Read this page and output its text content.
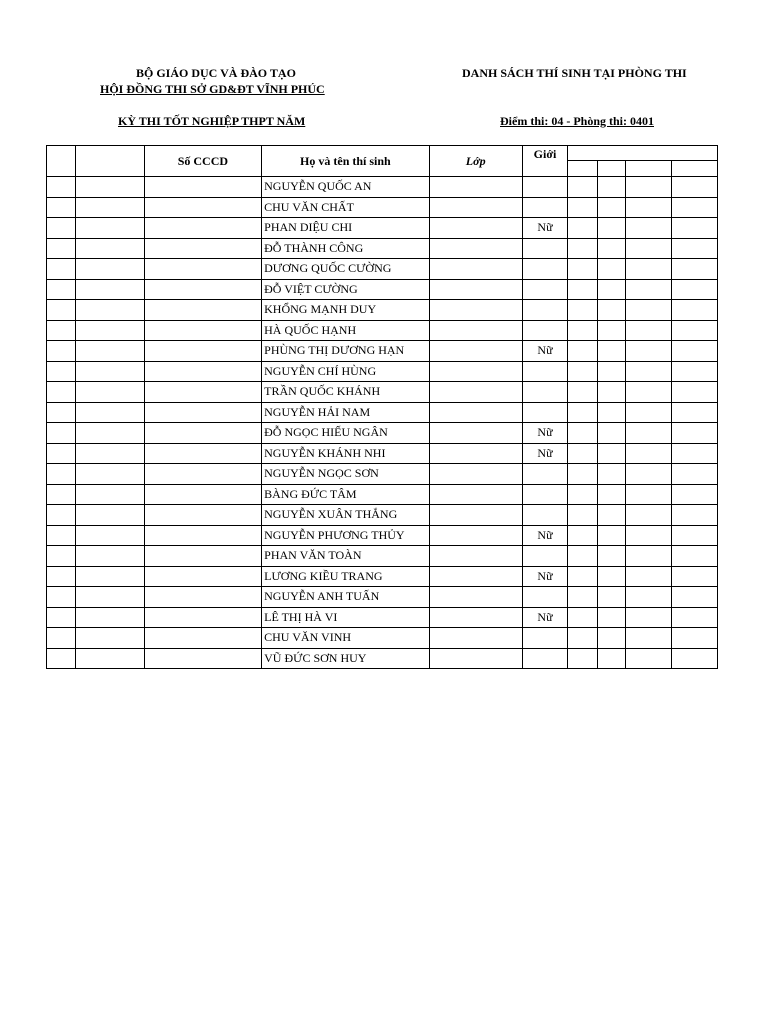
BỘ GIÁO DỤC VÀ ĐÀO TẠO
HỘI ĐỒNG THI SỞ GD&ĐT VĨNH PHÚC
KỲ THI TỐT NGHIỆP THPT NĂM
DANH SÁCH THÍ SINH TẠI PHÒNG THI
Điểm thi: 04 - Phòng thi: 0401
		Số CCCD	Họ và tên thí sinh	Lớp	Giới				

			NGUYỄN QUỐC AN						
			CHU VĂN CHẤT						
			PHAN DIỆU CHI		Nữ				
			ĐỖ THÀNH CÔNG						
			DƯƠNG QUỐC CƯỜNG						
			ĐỖ VIỆT CƯỜNG						
			KHỔNG MẠNH DUY						
			HÀ QUỐC HẠNH						
			PHÙNG THỊ DƯƠNG HẠN		Nữ				
			NGUYỄN CHÍ HÙNG						
			TRẦN QUỐC KHÁNH						
			NGUYỄN HẢI NAM						
			ĐỖ NGỌC HIẾU NGÂN		Nữ				
			NGUYỄN KHÁNH NHI		Nữ				
			NGUYỄN NGỌC SƠN						
			BÀNG ĐỨC TÂM						
			NGUYỄN XUÂN THẮNG						
			NGUYỄN PHƯƠNG THỦY		Nữ				
			PHAN VĂN TOÀN						
			LƯƠNG KIỀU TRANG		Nữ				
			NGUYỄN ANH TUẤN						
			LÊ THỊ HÀ VI		Nữ				
			CHU VĂN VINH						
			VŨ ĐỨC SƠN HUY						
